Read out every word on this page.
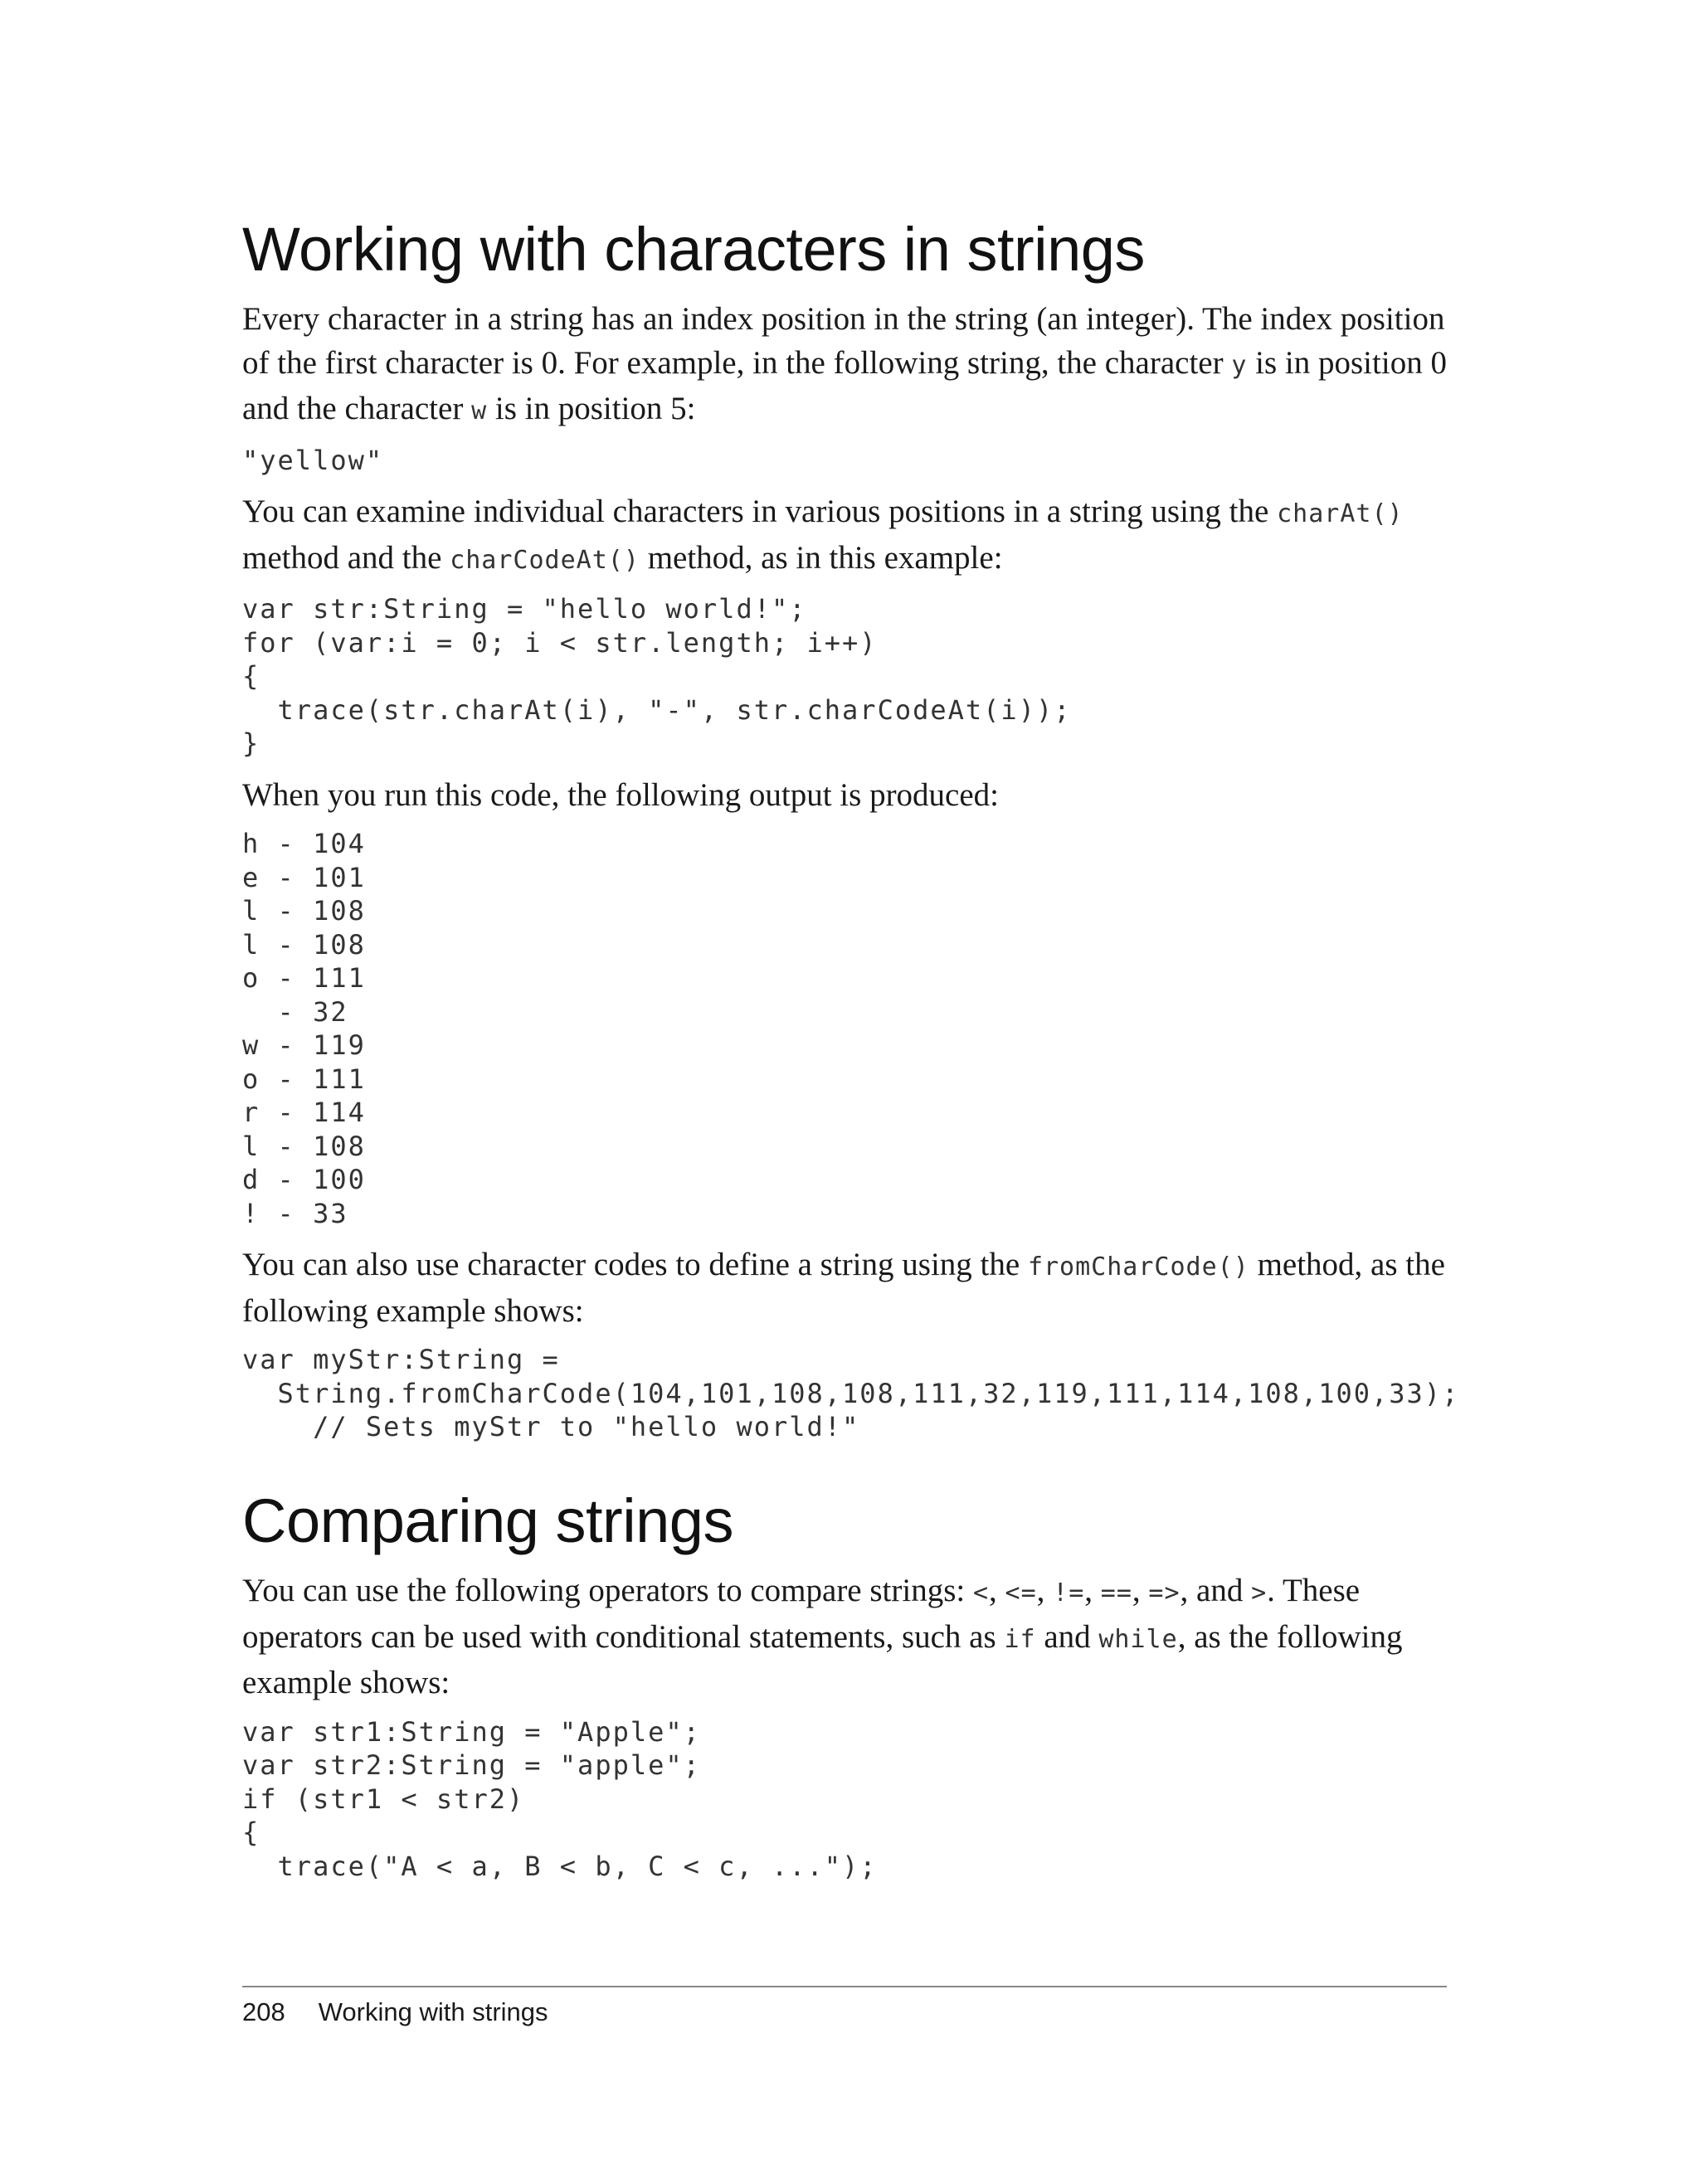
Working with characters in strings

Every character in a string has an index position in the string (an integer). The index position of the first character is 0. For example, in the following string, the character y is in position 0 and the character w is in position 5:

"yellow"

You can examine individual characters in various positions in a string using the charAt() method and the charCodeAt() method, as in this example:

var str:String = "hello world!";
for (var:i = 0; i < str.length; i++)
{
trace(str.charAt(i), "-", str.charCodeAt(i));
}

When you run this code, the following output is produced:

h - 104
e - 101
l - 108
l - 108
o - 111
- 32
w - 119
o - 111
r - 114
l - 108
d - 100
! - 33

You can also use character codes to define a string using the fromCharCode() method, as the following example shows:

var myStr:String =
String.fromCharCode(104,101,108,108,111,32,119,111,114,108,100,33);
// Sets myStr to "hello world!"
Comparing strings

You can use the following operators to compare strings: <, <=, !=, ==, =>, and >. These operators can be used with conditional statements, such as if and while, as the following example shows:

var str1:String = "Apple";
var str2:String = "apple";
if (str1 < str2)
{
trace("A < a, B < b, C < c, ...");
208 Working with strings
